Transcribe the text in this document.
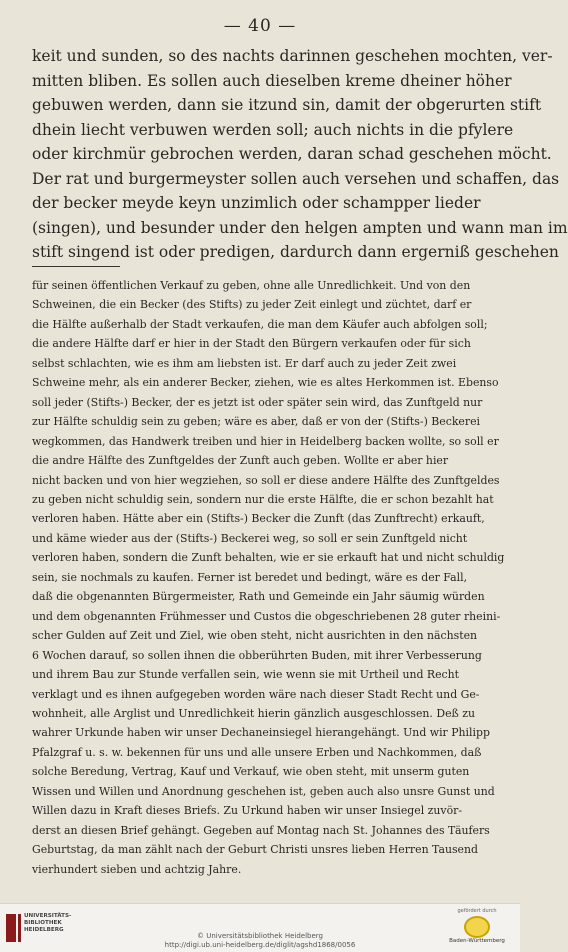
— 40 —
keit und sunden, so des nachts darinnen geschehen mochten, ver-
mitten bliben. Es sollen auch dieselben kreme dheiner höher
gebuwen werden, dann sie itzund sin, damit der obgerurten stift
dhein liecht verbuwen werden soll; auch nichts in die pfylere
oder kirchmür gebrochen werden, daran schad geschehen möcht.
Der rat und burgermeyster sollen auch versehen und schaffen, das
der becker meyde keyn unzimlich oder schampper lieder
(singen), und besunder under den helgen ampten und wann man im
stift singend ist oder predigen, dardurch dann ergerniß geschehen
für seinen öffentlichen Verkauf zu geben, ohne alle Unredlichkeit. Und von den
Schweinen, die ein Becker (des Stifts) zu jeder Zeit einlegt und züchtet, darf er
die Hälfte außerhalb der Stadt verkaufen, die man dem Käufer auch abfolgen soll;
die andere Hälfte darf er hier in der Stadt den Bürgern verkaufen oder für sich
selbst schlachten, wie es ihm am liebsten ist. Er darf auch zu jeder Zeit zwei
Schweine mehr, als ein anderer Becker, ziehen, wie es altes Herkommen ist. Ebenso
soll jeder (Stifts-) Becker, der es jetzt ist oder später sein wird, das Zunftgeld nur
zur Hälfte schuldig sein zu geben; wäre es aber, daß er von der (Stifts-) Beckerei
wegkommen, das Handwerk treiben und hier in Heidelberg backen wollte, so soll er
die andre Hälfte des Zunftgeldes der Zunft auch geben. Wollte er aber hier
nicht backen und von hier wegziehen, so soll er diese andere Hälfte des Zunftgeldes
zu geben nicht schuldig sein, sondern nur die erste Hälfte, die er schon bezahlt hat
verloren haben. Hätte aber ein (Stifts-) Becker die Zunft (das Zunftrecht) erkauft,
und käme wieder aus der (Stifts-) Beckerei weg, so soll er sein Zunftgeld nicht
verloren haben, sondern die Zunft behalten, wie er sie erkauft hat und nicht schuldig
sein, sie nochmals zu kaufen. Ferner ist beredet und bedingt, wäre es der Fall,
daß die obgenannten Bürgermeister, Rath und Gemeinde ein Jahr säumig würden
und dem obgenannten Frühmesser und Custos die obgeschriebenen 28 guter rheini-
scher Gulden auf Zeit und Ziel, wie oben steht, nicht ausrichten in den nächsten
6 Wochen darauf, so sollen ihnen die obberührten Buden, mit ihrer Verbesserung
und ihrem Bau zur Stunde verfallen sein, wie wenn sie mit Urtheil und Recht
verklagt und es ihnen aufgegeben worden wäre nach dieser Stadt Recht und Ge-
wohnheit, alle Arglist und Unredlichkeit hierin gänzlich ausgeschlossen. Deß zu
wahrer Urkunde haben wir unser Dechaneinsiegel hierangehängt. Und wir Philipp
Pfalzgraf u. s. w. bekennen für uns und alle unsere Erben und Nachkommen, daß
solche Beredung, Vertrag, Kauf und Verkauf, wie oben steht, mit unserm guten
Wissen und Willen und Anordnung geschehen ist, geben auch also unsre Gunst und
Willen dazu in Kraft dieses Briefs. Zu Urkund haben wir unser Insiegel zuvör-
derst an diesen Brief gehängt. Gegeben auf Montag nach St. Johannes des Täufers
Geburtstag, da man zählt nach der Geburt Christi unsres lieben Herren Tausend
vierhundert sieben und achtzig Jahre.
UNIVERSITÄTS-BIBLIOTHEK HEIDELBERG
© Universitätsbibliothek Heidelberg
http://digi.ub.uni-heidelberg.de/diglit/agshd1868/0056
gefördert durch
Baden-Württemberg
